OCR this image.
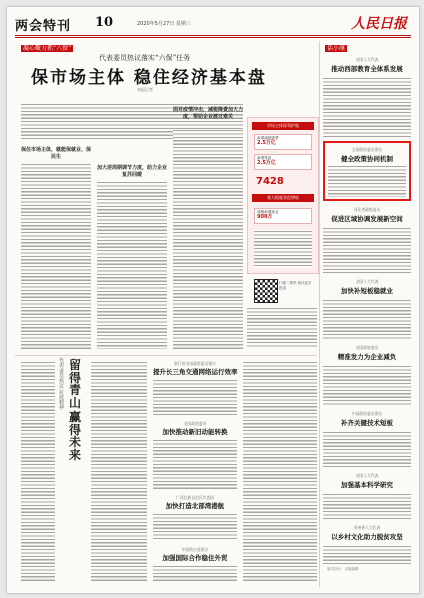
两会特刊 10	2020年5月27日 星期三	人民日报
凝心聚力抓“六保”
代表委员热议落实“六保”任务
保市场主体 稳住经济基本盘
本报记者
保住市场主体，就能保就业、保民生
加大逆周期调节力度，助力企业复苏回暖
面对疫情冲击，减税降费加大力度，帮助企业渡过难关
市场主体保驾护航
新增减税降费
2.5万亿
新增贷款
2.5万亿
7428
着力稳就业促增收
城镇新增就业
900万
扫描二维码 阅读更多报道
代表委员热议抗疫精神
留得青山
赢得未来
浙江省全国政协委员建议
提升长三角交通网络运行效率
全国政协委员
加快推动新旧动能转换
广西壮族自治区代表团
加快打造北部湾港航
中国致公党建议
加强国际合作稳住外贸
话小康
全国人大代表
推动西部教育全体系发展
全国政协委员建议
健全政策协同机制
河北省政协委员
促进区域协调发展新空间
全国人大代表
加快补短板稳就业
全国政协委员
精准发力为企业减负
中国政协委员建议
补齐关键技术短板
全国人大代表
加强基本科学研究
贵州省人大代表
以乡村文化助力脱贫攻坚
版式设计：本版编辑
